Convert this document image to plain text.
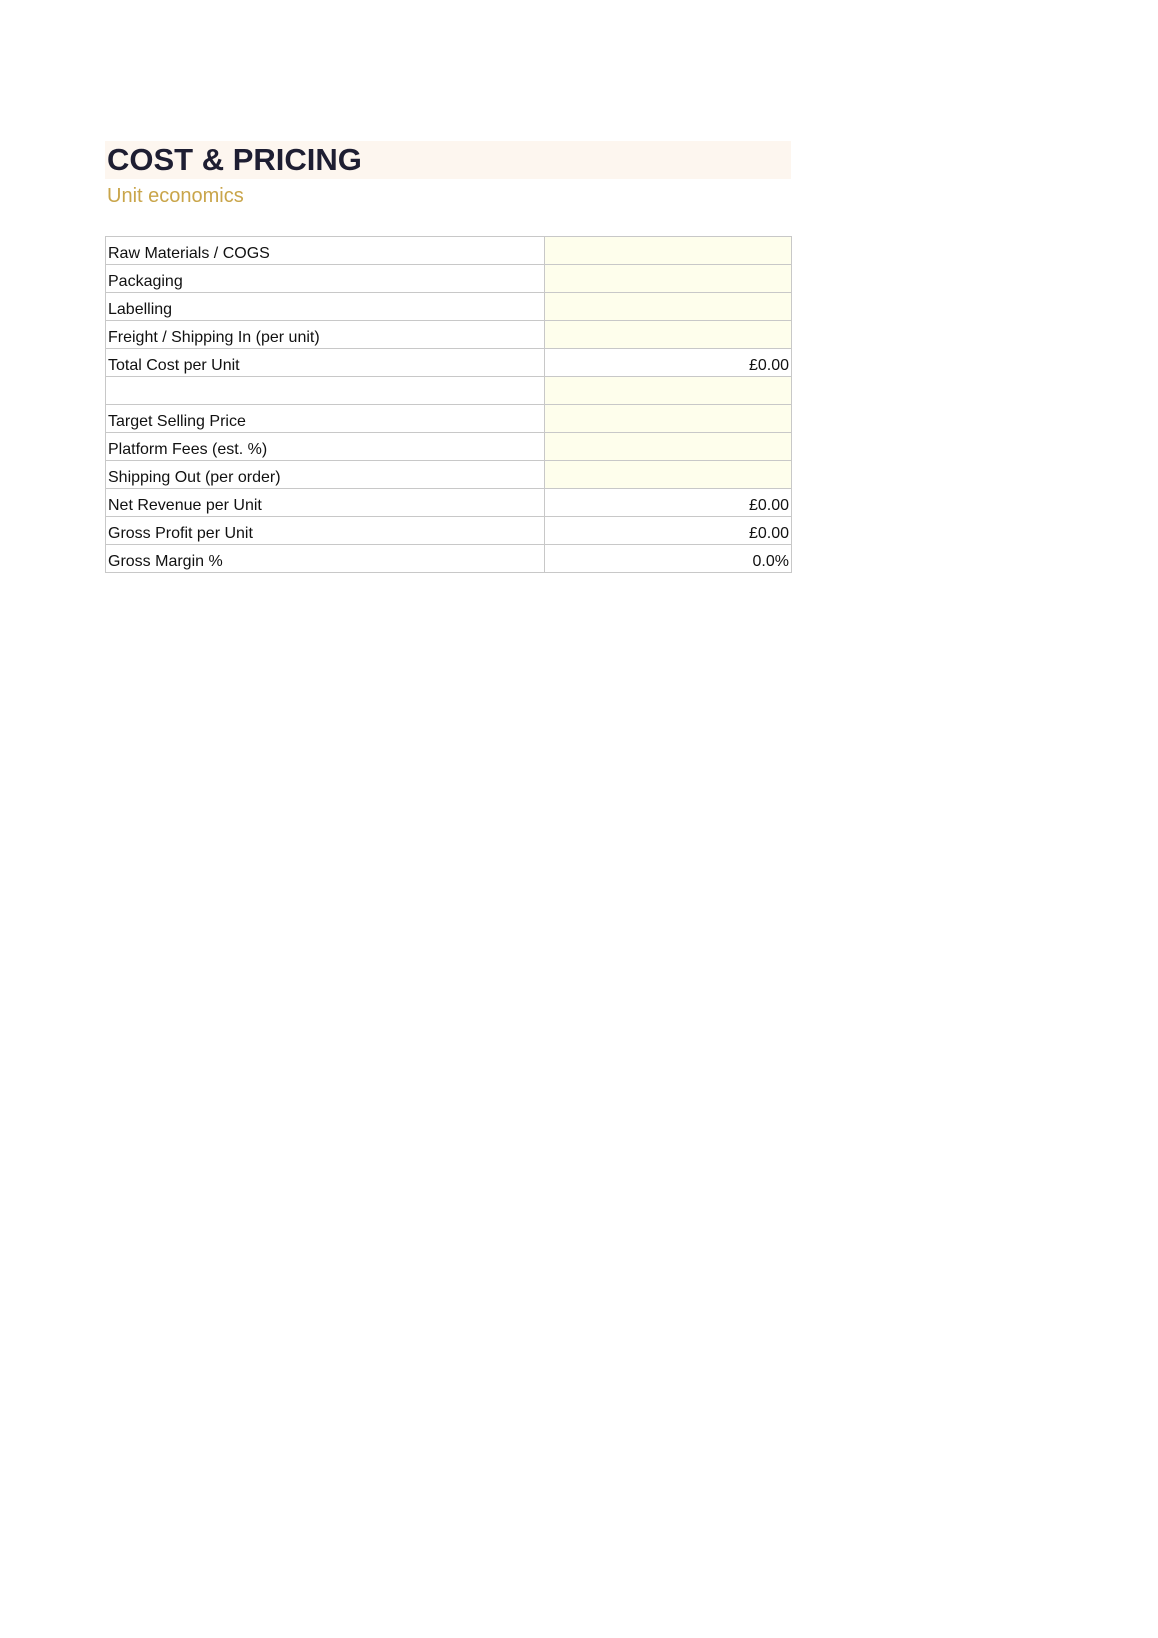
COST & PRICING
Unit economics
Raw Materials / COGS	
Packaging	
Labelling	
Freight / Shipping In (per unit)	
Total Cost per Unit	£0.00

Target Selling Price	
Platform Fees (est. %)	
Shipping Out (per order)	
Net Revenue per Unit	£0.00
Gross Profit per Unit	£0.00
Gross Margin %	0.0%
